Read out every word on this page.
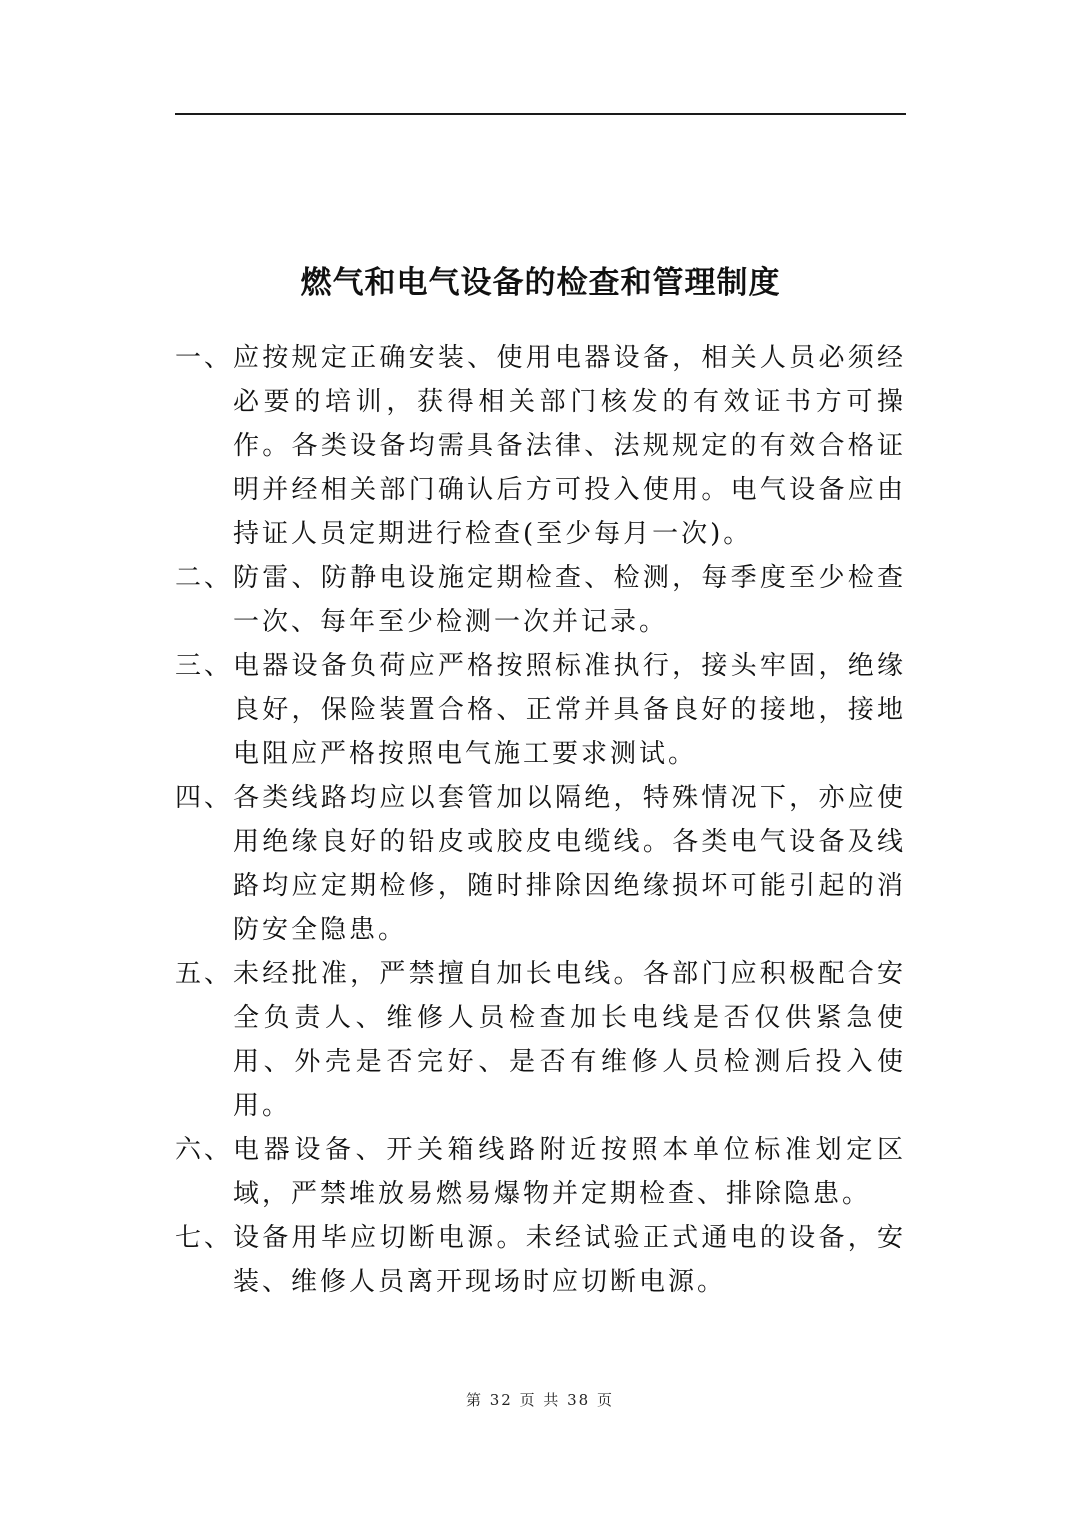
燃气和电气设备的检查和管理制度
一、 应按规定正确安装、使用电器设备，相关人员必须经必要的培训，获得相关部门核发的有效证书方可操作。各类设备均需具备法律、法规规定的有效合格证明并经相关部门确认后方可投入使用。电气设备应由持证人员定期进行检查(至少每月一次)。
二、 防雷、防静电设施定期检查、检测，每季度至少检查一次、每年至少检测一次并记录。
三、 电器设备负荷应严格按照标准执行，接头牢固，绝缘良好，保险装置合格、正常并具备良好的接地，接地电阻应严格按照电气施工要求测试。
四、 各类线路均应以套管加以隔绝，特殊情况下，亦应使用绝缘良好的铅皮或胶皮电缆线。各类电气设备及线路均应定期检修，随时排除因绝缘损坏可能引起的消防安全隐患。
五、 未经批准，严禁擅自加长电线。各部门应积极配合安全负责人、维修人员检查加长电线是否仅供紧急使用、外壳是否完好、是否有维修人员检测后投入使用。
六、 电器设备、开关箱线路附近按照本单位标准划定区域，严禁堆放易燃易爆物并定期检查、排除隐患。
七、 设备用毕应切断电源。未经试验正式通电的设备，安装、维修人员离开现场时应切断电源。
第 32 页 共 38 页
